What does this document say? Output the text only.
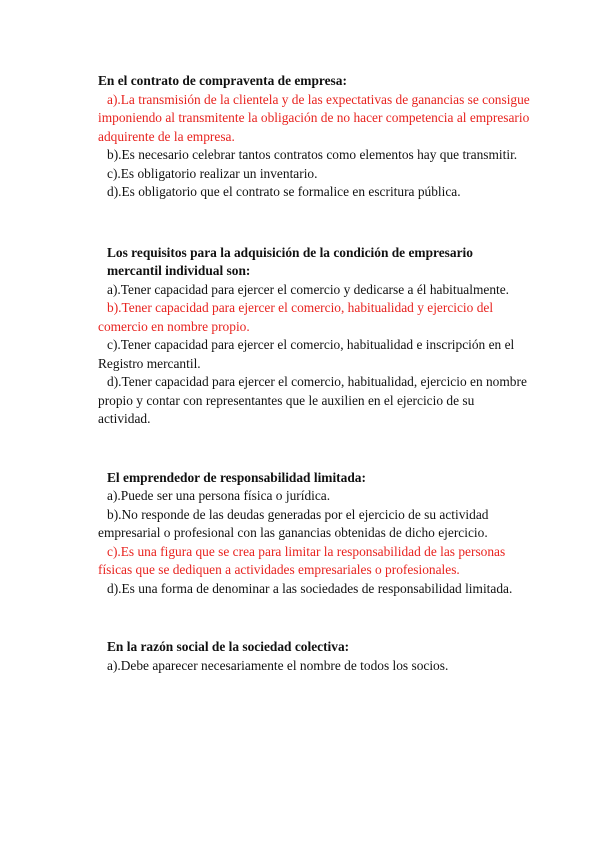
En el contrato de compraventa de empresa:

a).La transmisión de la clientela y de las expectativas de ganancias se consigue imponiendo al transmitente la obligación de no hacer competencia al empresario adquirente de la empresa.

b).Es necesario celebrar tantos contratos como elementos hay que transmitir.

c).Es obligatorio realizar un inventario.

d).Es obligatorio que el contrato se formalice en escritura pública.

Los requisitos para la adquisición de la condición de empresario mercantil individual son:

a).Tener capacidad para ejercer el comercio y dedicarse a él habitualmente.

b).Tener capacidad para ejercer el comercio, habitualidad y ejercicio del comercio en nombre propio.

c).Tener capacidad para ejercer el comercio, habitualidad e inscripción en el Registro mercantil.

d).Tener capacidad para ejercer el comercio, habitualidad, ejercicio en nombre propio y contar con representantes que le auxilien en el ejercicio de su actividad.

El emprendedor de responsabilidad limitada:

a).Puede ser una persona física o jurídica.

b).No responde de las deudas generadas por el ejercicio de su actividad empresarial o profesional con las ganancias obtenidas de dicho ejercicio.

c).Es una figura que se crea para limitar la responsabilidad de las personas físicas que se dediquen a actividades empresariales o profesionales.

d).Es una forma de denominar a las sociedades de responsabilidad limitada.

En la razón social de la sociedad colectiva:

a).Debe aparecer necesariamente el nombre de todos los socios.
